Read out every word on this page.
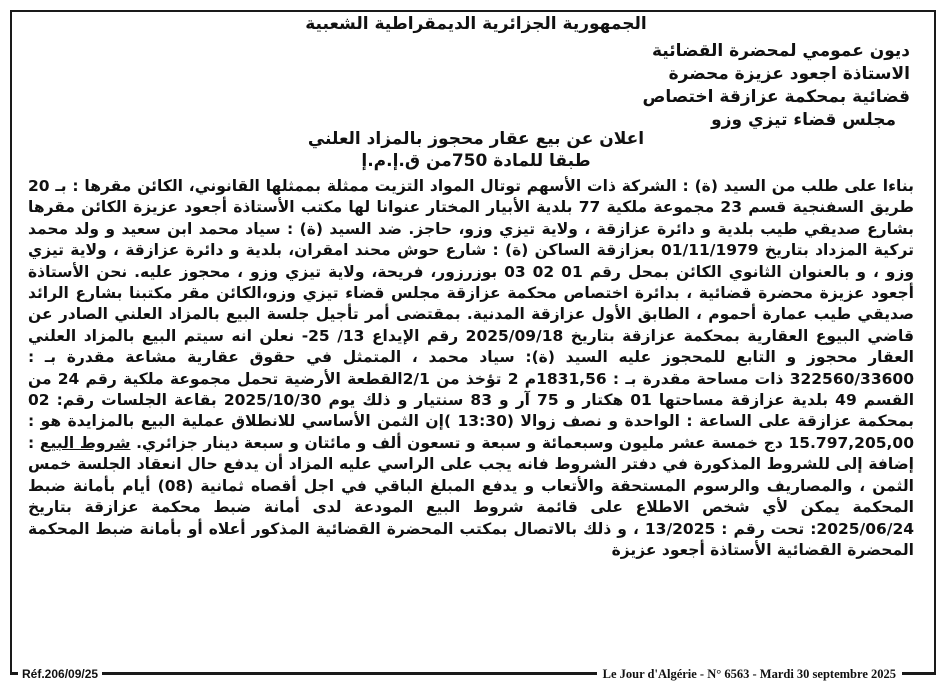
الجمهورية الجزائرية الديمقراطية الشعبية
ديون عمومي لمحضرة القضائية
الاستاذة اجعود عزيزة محضرة
قضائية بمحكمة عزازقة اختصاص
مجلس قضاء تيزي وزو
اعلان عن بيع عقار محجوز بالمزاد العلني
طبقا للمادة 750من ق.إ.م.إ

بناءا على طلب من السيد (ة) : الشركة ذات الأسهم توتال المواد التزيت ممثلة بممثلها القانوني، الكائن مقرها : بـ 20 طريق السفنجية قسم 23 مجموعة ملكية 77 بلدية الأبيار المختار عنوانا لها مكتب الأستاذة أجعود عزيزة الكائن مقرها بشارع صديقي طيب بلدية و دائرة عزازقة ، ولاية تيزي وزو، حاجز. ضد السيد (ة) : سياد محمد ابن سعيد و ولد محمد تركية المزداد بتاريخ 01/11/1979 بعزازقة الساكن (ة) : شارع حوش محند امقران، بلدية و دائرة عزازقة ، ولاية تيزي وزو ، و بالعنوان الثانوي الكائن بمحل رقم 01 02 03 بوزرزور، فريحة، ولاية تيزي وزو ، محجوز عليه. نحن الأستاذة أجعود عزيزة محضرة قضائية ، بدائرة اختصاص محكمة عزازقة مجلس قضاء تيزي وزو،الكائن مقر مكتبنا بشارع الرائد صديقي طيب عمارة أحموم ، الطابق الأول عزازقة المدنية. بمقتضى أمر تأجيل جلسة البيع بالمزاد العلني الصادر عن قاضي البيوع العقارية بمحكمة عزازقة بتاريخ 2025/09/18 رقم الإيداع 13/ 25- نعلن انه سيتم البيع بالمزاد العلني العقار محجوز و التابع للمحجوز عليه السيد (ة): سياد محمد ، المتمثل في حقوق عقارية مشاعة مقدرة بـ : 322560/33600 ذات مساحة مقدرة بـ : 1831,56م 2 تؤخذ من 2/1القطعة الأرضية تحمل مجموعة ملكية رقم 24 من القسم 49 بلدية عزازقة مساحتها 01 هكتار و 75 آر و 83 سنتيار و ذلك يوم 2025/10/30 بقاعة الجلسات رقم: 02 بمحكمة عزازقة على الساعة : الواحدة و نصف زوالا (13:30 )إن الثمن الأساسي للانطلاق عملية البيع بالمزايدة هو : 15.797,205,00 دج خمسة عشر مليون وسبعمائة و سبعة و تسعون ألف و مائتان و سبعة دينار جزائري. شروط البيع : إضافة إلى للشروط المذكورة في دفتر الشروط فانه يجب على الراسي عليه المزاد أن يدفع حال انعقاد الجلسة خمس الثمن ، والمصاريف والرسوم المستحقة والأتعاب و يدفع المبلغ الباقي في اجل أقصاه ثمانية (08) أيام بأمانة ضبط المحكمة يمكن لأي شخص الاطلاع على قائمة شروط البيع المودعة لدى أمانة ضبط محكمة عزازقة بتاريخ 2025/06/24: تحت رقم : 13/2025 ، و ذلك بالاتصال بمكتب المحضرة القضائية المذكور أعلاه أو بأمانة ضبط المحكمة المحضرة القضائية الأستاذة أجعود عزيزة

Réf.206/09/25	Le Jour d'Algérie - N° 6563 - Mardi 30 septembre 2025
